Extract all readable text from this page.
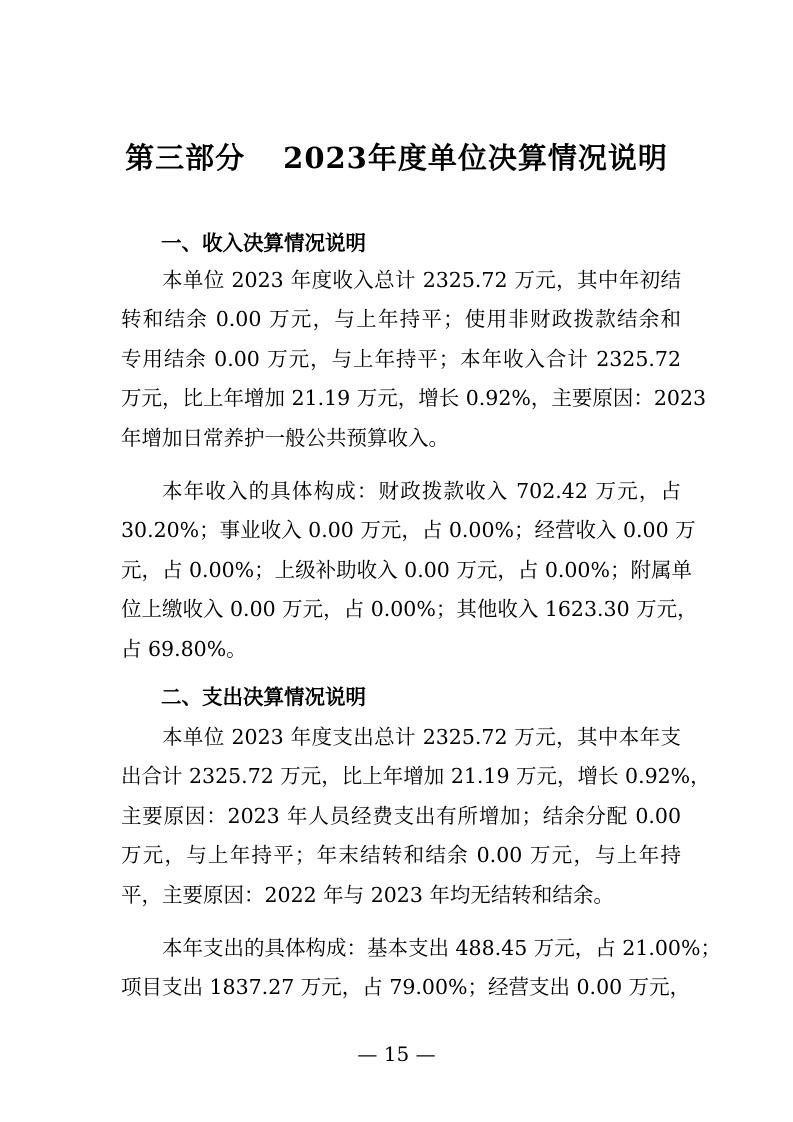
第三部分 2023年度单位决算情况说明
一、收入决算情况说明
本单位 2023 年度收入总计 2325.72 万元，其中年初结
转和结余 0.00 万元，与上年持平；使用非财政拨款结余和
专用结余 0.00 万元，与上年持平；本年收入合计 2325.72
万元，比上年增加 21.19 万元，增长 0.92%，主要原因：2023
年增加日常养护一般公共预算收入。
本年收入的具体构成：财政拨款收入 702.42 万元，占
30.20%；事业收入 0.00 万元，占 0.00%；经营收入 0.00 万
元，占 0.00%；上级补助收入 0.00 万元，占 0.00%；附属单
位上缴收入 0.00 万元，占 0.00%；其他收入 1623.30 万元，
占 69.80%。
二、支出决算情况说明
本单位 2023 年度支出总计 2325.72 万元，其中本年支
出合计 2325.72 万元，比上年增加 21.19 万元，增长 0.92%，
主要原因：2023 年人员经费支出有所增加；结余分配 0.00
万元，与上年持平；年末结转和结余 0.00 万元，与上年持
平，主要原因：2022 年与 2023 年均无结转和结余。
本年支出的具体构成：基本支出 488.45 万元，占 21.00%；
项目支出 1837.27 万元，占 79.00%；经营支出 0.00 万元，
— 15 —
